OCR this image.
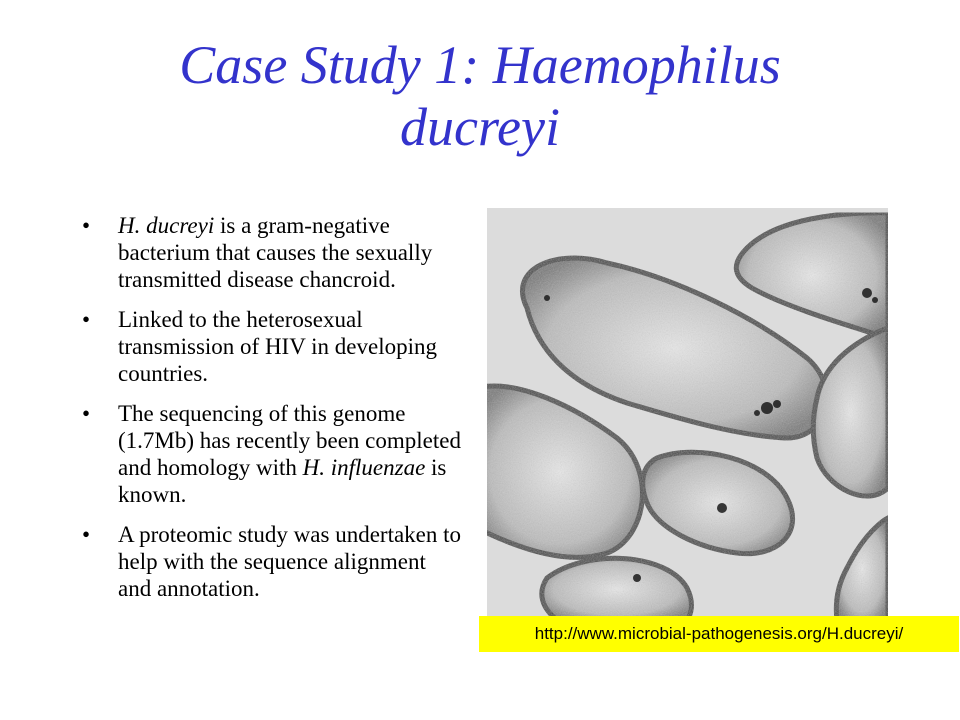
Case Study 1: Haemophilus
ducreyi
• H. ducreyi is a gram-negative bacterium that causes the sexually transmitted disease chancroid.
• Linked to the heterosexual transmission of HIV in developing countries.
• The sequencing of this genome (1.7Mb) has recently been completed and homology with H. influenzae is known.
• A proteomic study was undertaken to help with the sequence alignment and annotation.
http://www.microbial-pathogenesis.org/H.ducreyi/
